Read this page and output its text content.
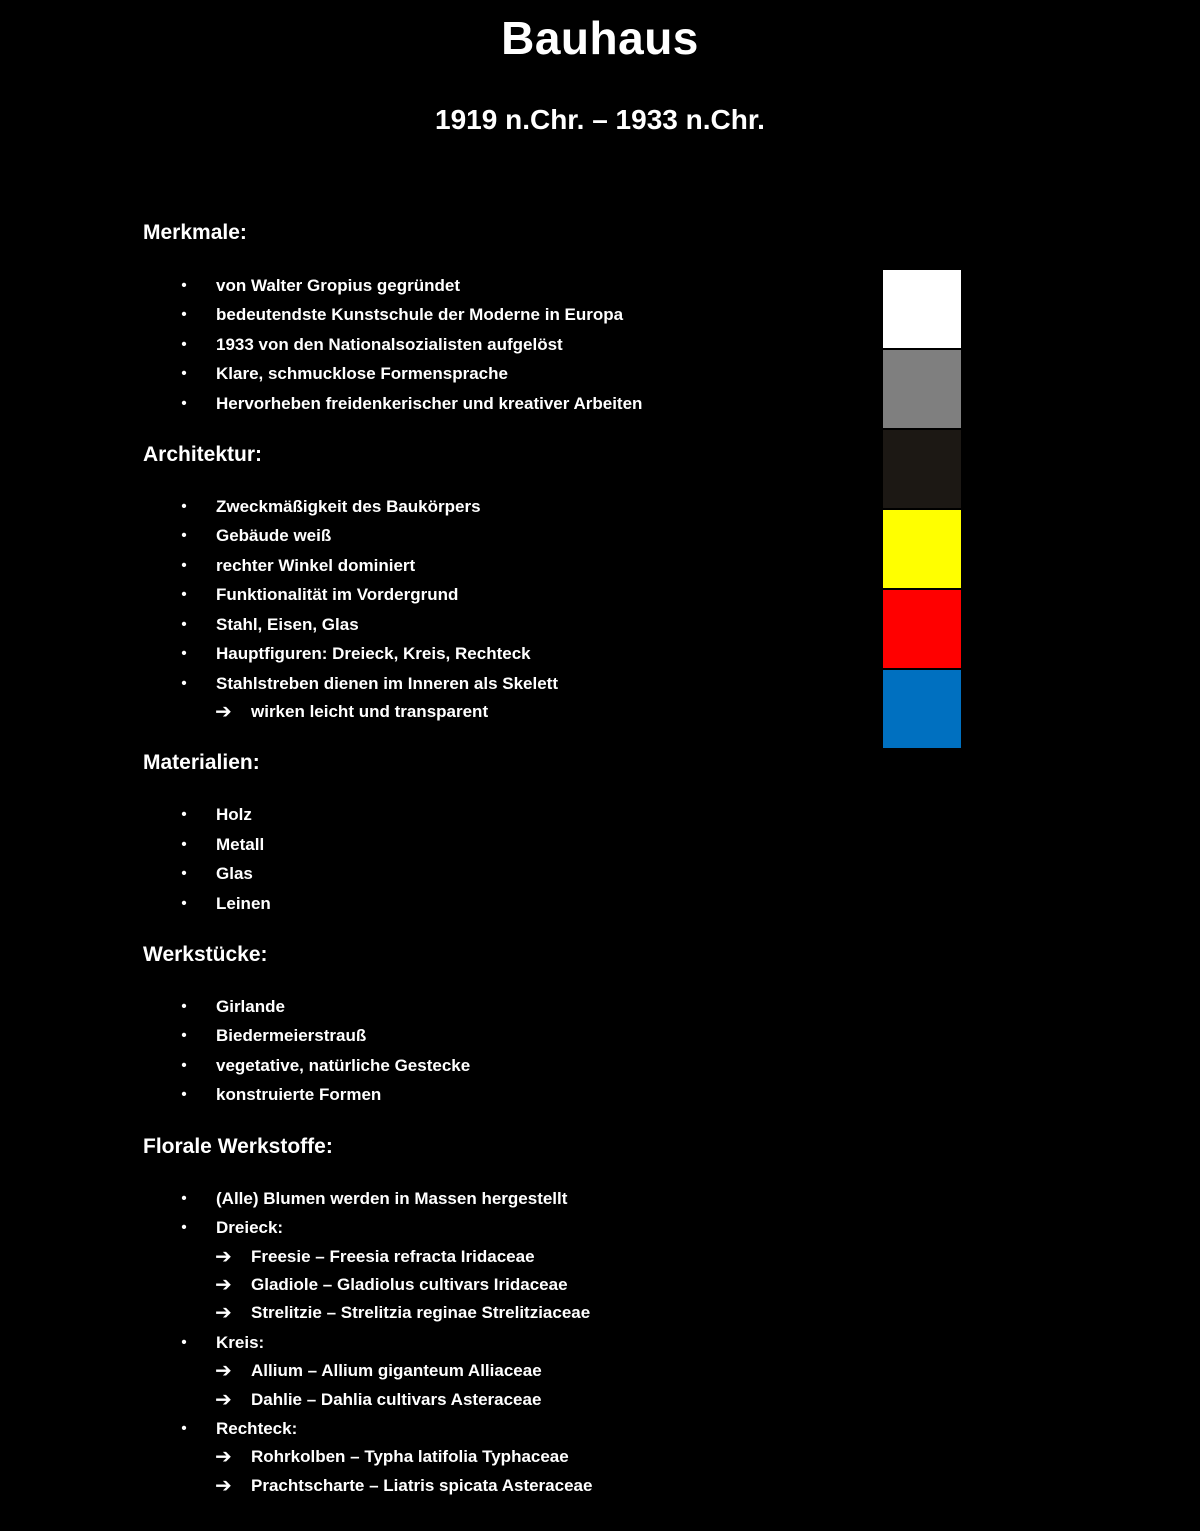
Bauhaus
1919 n.Chr. – 1933 n.Chr.
Merkmale:
• von Walter Gropius gegründet
• bedeutendste Kunstschule der Moderne in Europa
• 1933 von den Nationalsozialisten aufgelöst
• Klare, schmucklose Formensprache
• Hervorheben freidenkerischer und kreativer Arbeiten
Architektur:
• Zweckmäßigkeit des Baukörpers
• Gebäude weiß
• rechter Winkel dominiert
• Funktionalität im Vordergrund
• Stahl, Eisen, Glas
• Hauptfiguren: Dreieck, Kreis, Rechteck
• Stahlstreben dienen im Inneren als Skelett
➔ wirken leicht und transparent
Materialien:
• Holz
• Metall
• Glas
• Leinen
Werkstücke:
• Girlande
• Biedermeierstrauß
• vegetative, natürliche Gestecke
• konstruierte Formen
Florale Werkstoffe:
• (Alle) Blumen werden in Massen hergestellt
• Dreieck:
➔ Freesie – Freesia refracta Iridaceae
➔ Gladiole – Gladiolus cultivars Iridaceae
➔ Strelitzie – Strelitzia reginae Strelitziaceae
• Kreis:
➔ Allium – Allium giganteum Alliaceae
➔ Dahlie – Dahlia cultivars Asteraceae
• Rechteck:
➔ Rohrkolben – Typha latifolia Typhaceae
➔ Prachtscharte – Liatris spicata Asteraceae
